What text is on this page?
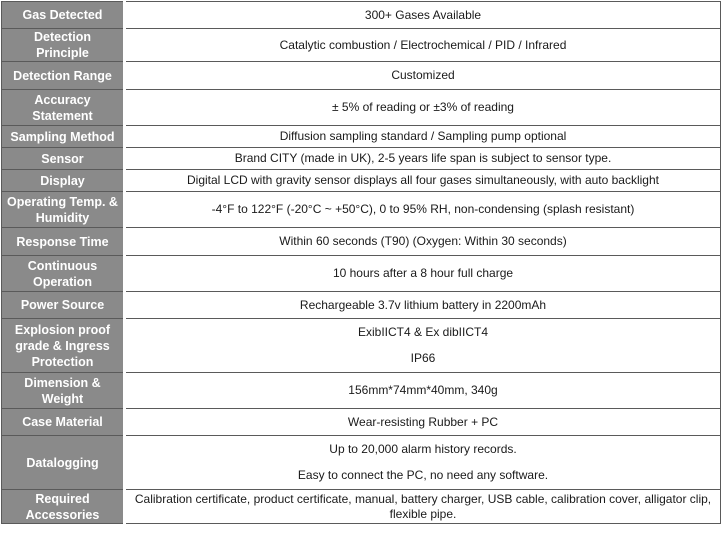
Gas Detected	300+ Gases Available
Detection Principle	Catalytic combustion / Electrochemical / PID / Infrared
Detection Range	Customized
Accuracy Statement	± 5% of reading or ±3% of reading
Sampling Method	Diffusion sampling standard / Sampling pump optional
Sensor	Brand CITY (made in UK), 2-5 years life span is subject to sensor type.
Display	Digital LCD with gravity sensor displays all four gases simultaneously, with auto backlight
Operating Temp. & Humidity	-4°F to 122°F (-20°C ~ +50°C), 0 to 95% RH, non-condensing (splash resistant)
Response Time	Within 60 seconds (T90) (Oxygen: Within 30 seconds)
Continuous Operation	10 hours after a 8 hour full charge
Power Source	Rechargeable 3.7v lithium battery in 2200mAh
Explosion proof grade & Ingress Protection	ExibIICT4 & Ex dibIICT4
IP66

Dimension & Weight	156mm*74mm*40mm, 340g
Case Material	Wear-resisting Rubber + PC
Datalogging	Up to 20,000 alarm history records.
Easy to connect the PC, no need any software.

Required Accessories	Calibration certificate, product certificate, manual, battery charger, USB cable, calibration cover, alligator clip, flexible pipe.
